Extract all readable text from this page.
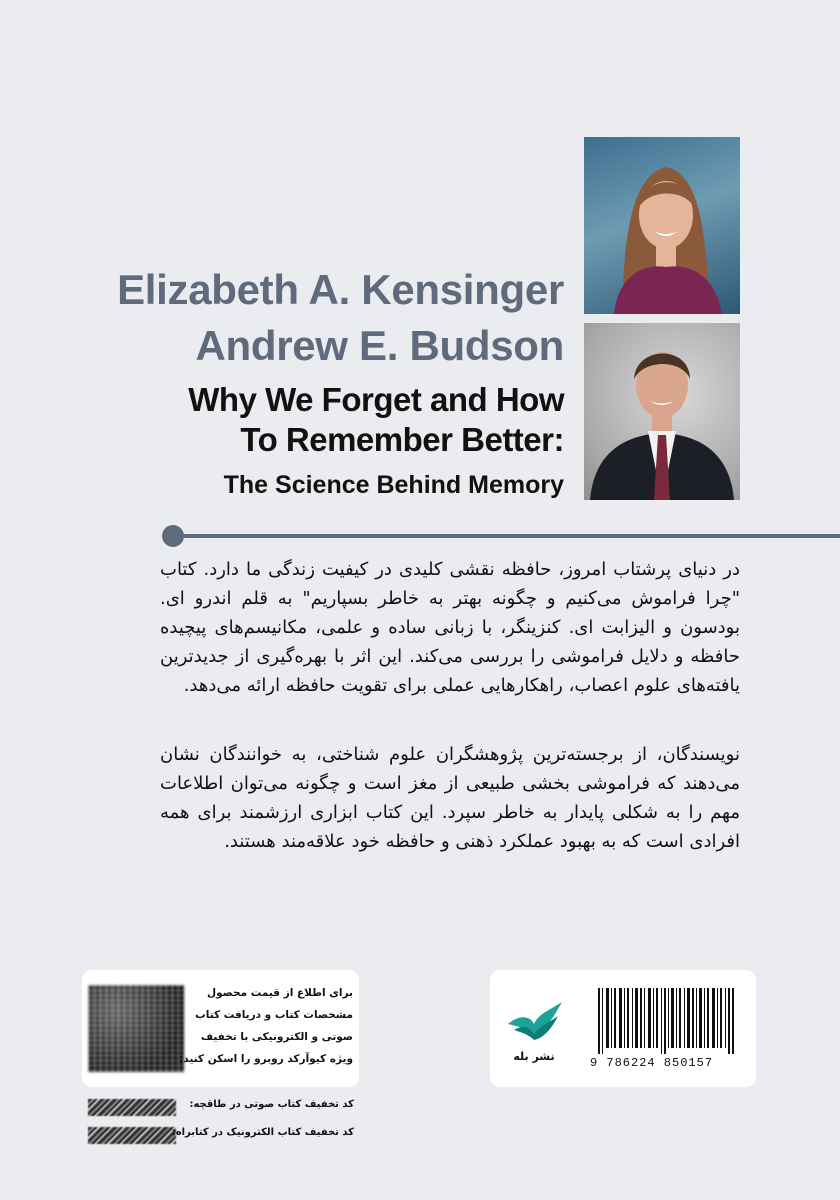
Elizabeth A. Kensinger
Andrew E. Budson
Why We Forget and How
To Remember Better:
The Science Behind Memory
در دنیای پرشتاب امروز، حافظه نقشی کلیدی در کیفیت زندگی ما دارد. کتاب "چرا فراموش می‌کنیم و چگونه بهتر به خاطر بسپاریم" به قلم اندرو ای. بودسون و الیزابت ای. کنزینگر، با زبانی ساده و علمی، مکانیسم‌های پیچیده حافظه و دلایل فراموشی را بررسی می‌کند. این اثر با بهره‌گیری از جدیدترین یافته‌های علوم اعصاب، راهکارهایی عملی برای تقویت حافظه ارائه می‌دهد.
نویسندگان، از برجسته‌ترین پژوهشگران علوم شناختی، به خوانندگان نشان می‌دهند که فراموشی بخشی طبیعی از مغز است و چگونه می‌توان اطلاعات مهم را به شکلی پایدار به خاطر سپرد. این کتاب ابزاری ارزشمند برای همه افرادی است که به بهبود عملکرد ذهنی و حافظه خود علاقه‌مند هستند.
برای اطلاع از قیمت محصول
مشخصات کتاب و دریافت کتاب
صوتی و الکترونیکی با تخفیف
ویژه کیوآرکد روبرو را اسکن کنید:	نشر بله	9 786224 850157
کد تخفیف کتاب صوتی در طاقچه:
کد تخفیف کتاب الکترونیک در کتابراه:
